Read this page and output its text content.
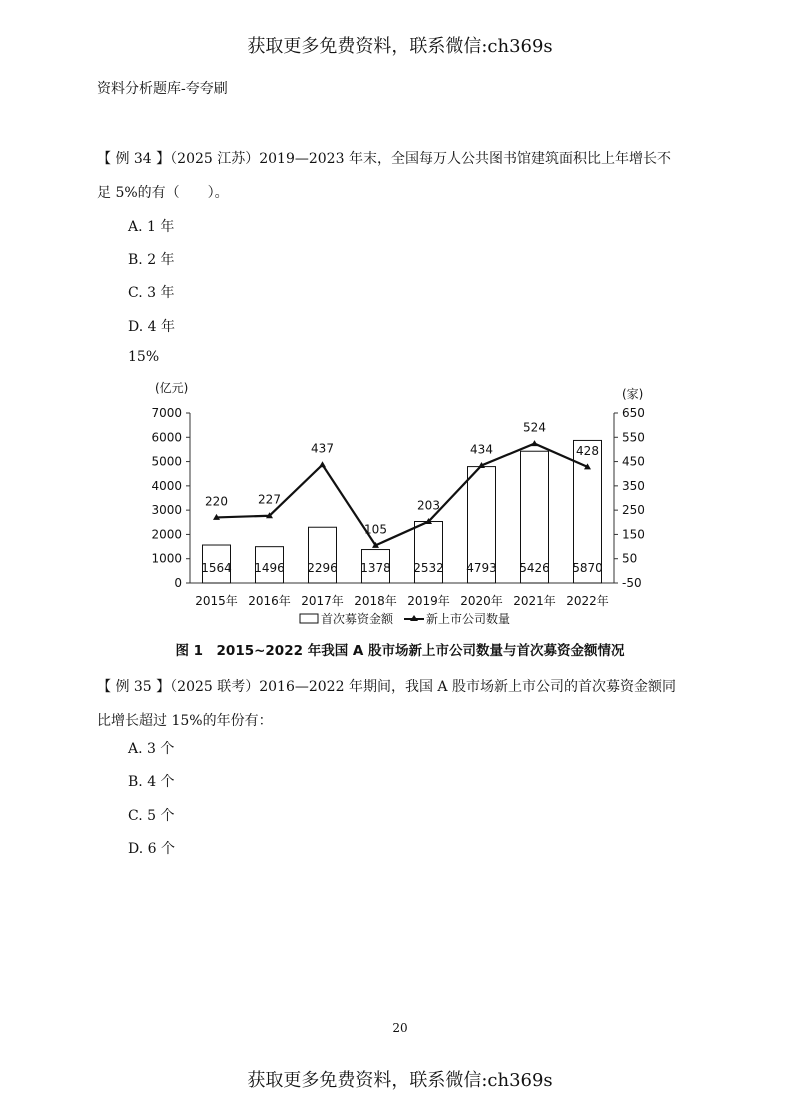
获取更多免费资料，联系微信:ch369s
资料分析题库-夸夸刷
【 例 34 】（2025 江苏）2019—2023 年末，全国每万人公共图书馆建筑面积比上年增长不
足 5%的有（　　）。
A. 1 年
B. 2 年
C. 3 年
D. 4 年
15%
(亿元)	(家)
0
1000
2000
3000
4000
5000
6000
7000
-50
50
150
250
350
450
550
650
1564 1496 2296 1378 2532 4793 5426 5870
220	227
437
105
203
434
524
428
2015年 2016年 2017年 2018年 2019年 2020年 2021年 2022年
首次募资金额	新上市公司数量
图 1　2015~2022 年我国 A 股市场新上市公司数量与首次募资金额情况
【 例 35 】（2025 联考）2016—2022 年期间，我国 A 股市场新上市公司的首次募资金额同
比增长超过 15%的年份有：
A. 3 个
B. 4 个
C. 5 个
D. 6 个
20
获取更多免费资料，联系微信:ch369s
